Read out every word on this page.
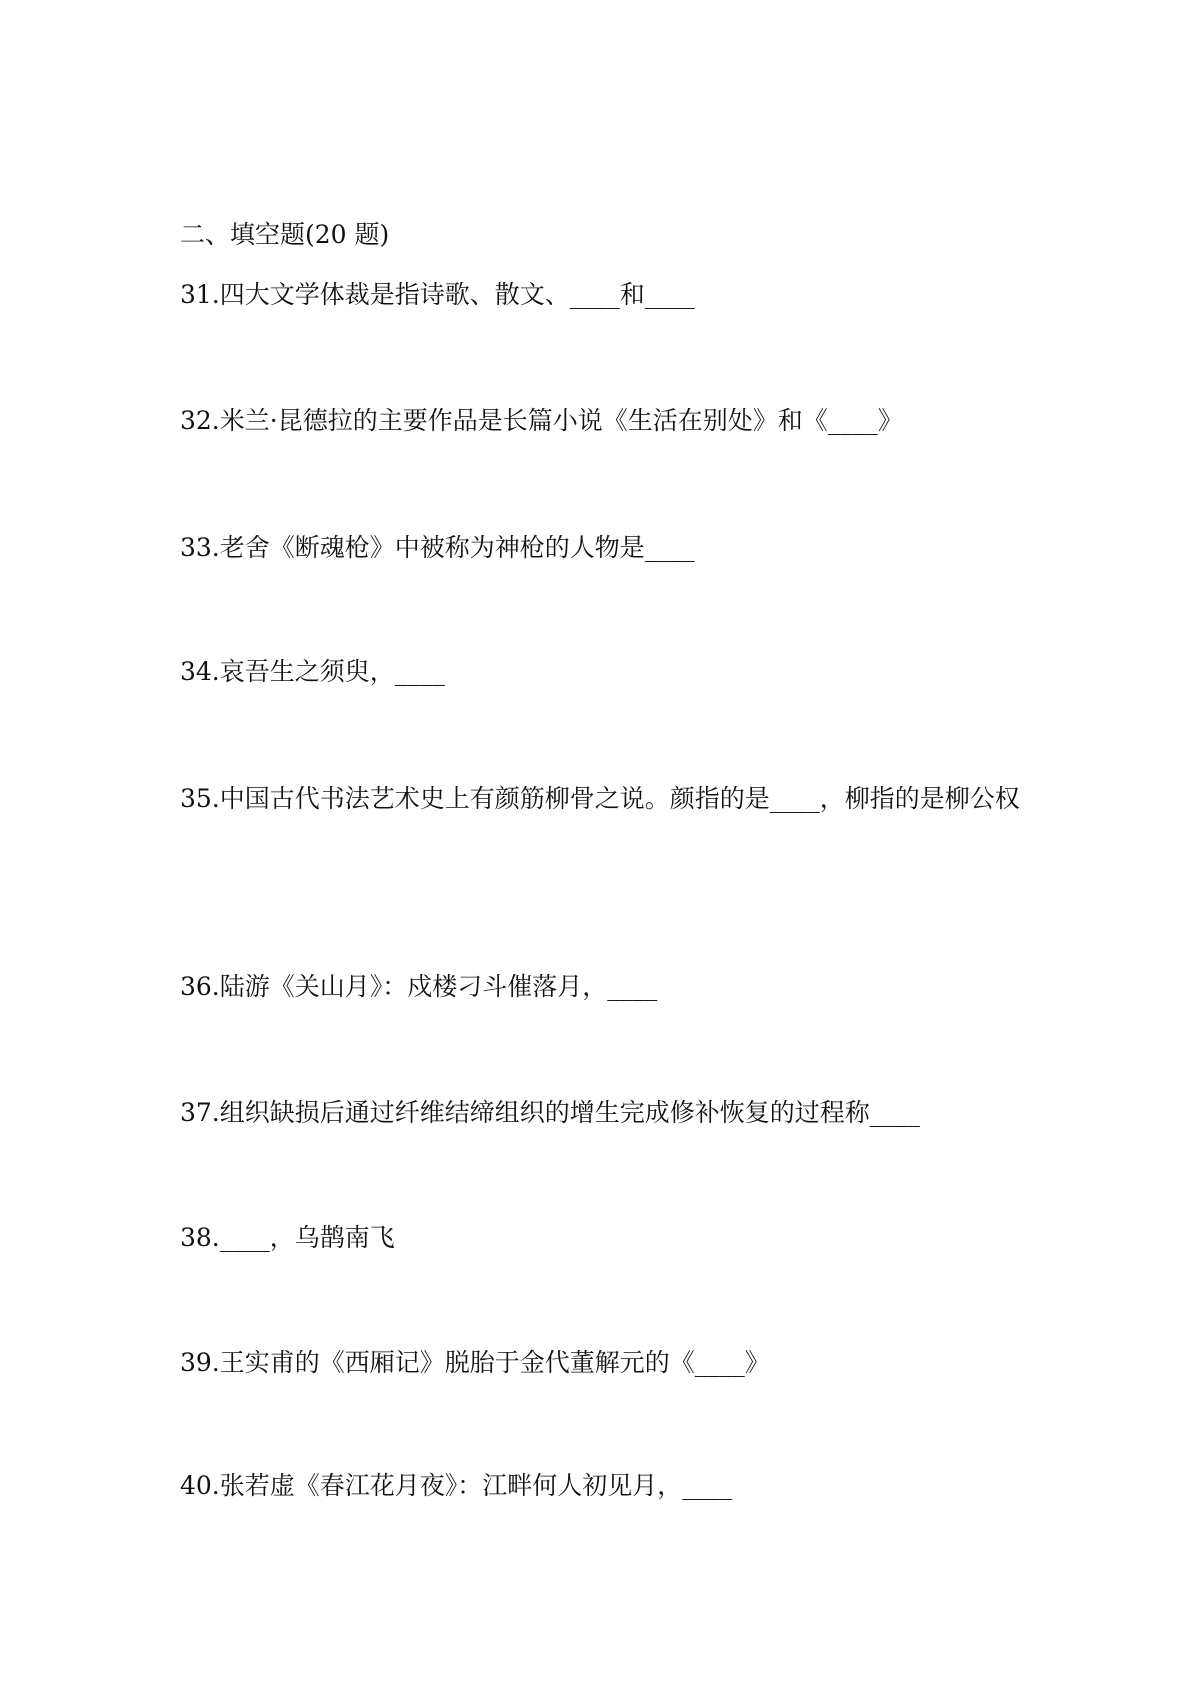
二、填空题(20 题)
31.四大文学体裁是指诗歌、散文、____和____
32.米兰·昆德拉的主要作品是长篇小说《生活在别处》和《____》
33.老舍《断魂枪》中被称为神枪的人物是____
34.哀吾生之须臾，____
35.中国古代书法艺术史上有颜筋柳骨之说。颜指的是____，柳指的是柳公权
36.陆游《关山月》：戍楼刁斗催落月，____
37.组织缺损后通过纤维结缔组织的增生完成修补恢复的过程称____
38.____，乌鹊南飞
39.王实甫的《西厢记》脱胎于金代董解元的《____》
40.张若虚《春江花月夜》：江畔何人初见月，____
